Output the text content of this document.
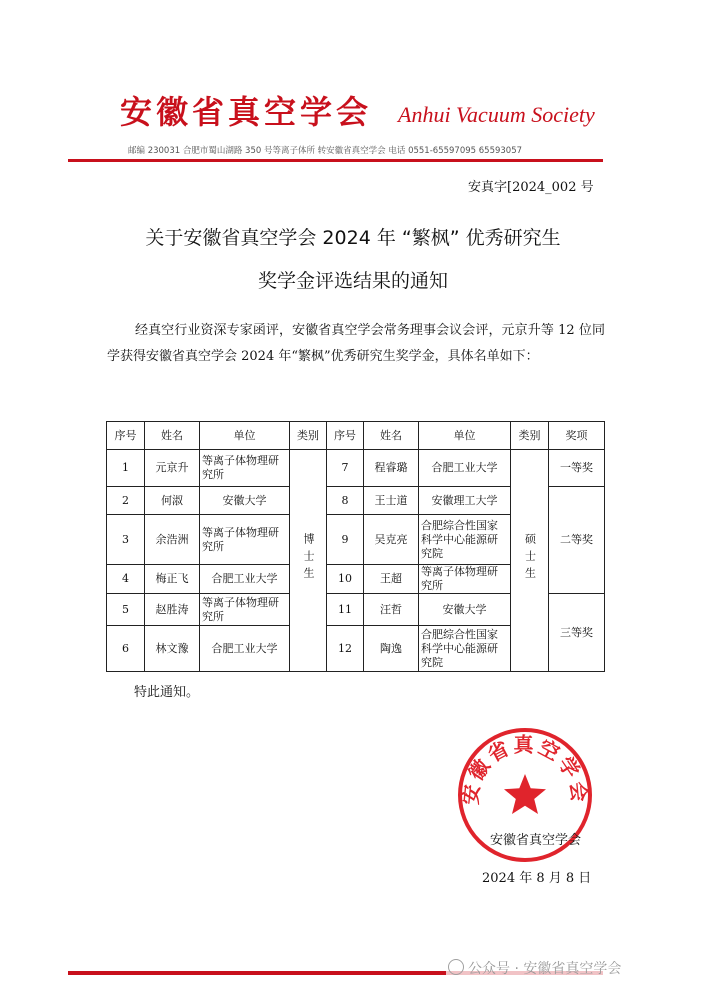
安徽省真空学会 Anhui Vacuum Society
邮编 230031 合肥市蜀山湖路 350 号等离子体所 转安徽省真空学会 电话 0551-65597095 65593057
安真字[2024_002 号
关于安徽省真空学会 2024 年 “繁枫” 优秀研究生
奖学金评选结果的通知

经真空行业资深专家函评，安徽省真空学会常务理事会议会评，元京升等 12 位同学获得安徽省真空学会 2024 年“繁枫”优秀研究生奖学金，具体名单如下：

序号	姓名	单位	类别	序号	姓名	单位	类别	奖项
1	元京升	等离子体物理研究所	博士生	7	程睿璐	合肥工业大学	硕士生	一等奖
2	何淑	安徽大学		8	王士道	安徽理工大学		二等奖
3	余浩洲	等离子体物理研究所		9	吴克亮	合肥综合性国家科学中心能源研究院		
4	梅正飞	合肥工业大学		10	王超	等离子体物理研究所		
5	赵胜涛	等离子体物理研究所		11	汪哲	安徽大学		三等奖
6	林文豫	合肥工业大学		12	陶逸	合肥综合性国家科学中心能源研究院		
特此通知。
安徽省真空学会
安徽省真空学会
2024 年 8 月 8 日
公众号 · 安徽省真空学会
